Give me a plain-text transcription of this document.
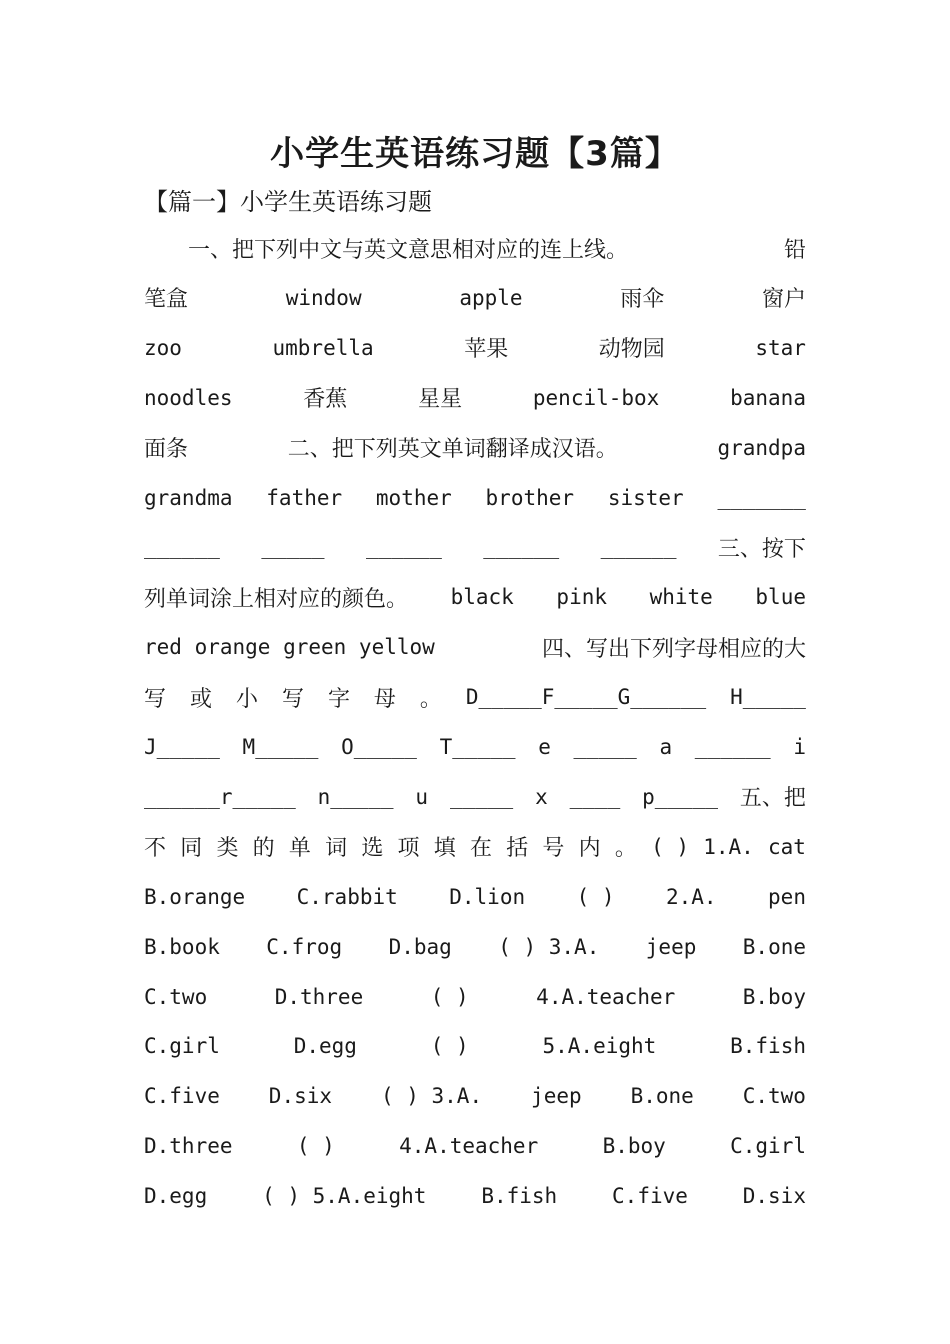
小学生英语练习题【3篇】
【篇一】小学生英语练习题
　　一、把下列中文与英文意思相对应的连上线。	铅
笔盒	window	apple	雨伞	窗户
zoo	umbrella	苹果	动物园	star
noodles	香蕉	星星	pencil-box	banana
面条	二、把下列英文单词翻译成汉语。	grandpa
grandma father mother brother sister _______
______ _____ ______ ______ ______ 三、按下
列单词涂上相对应的颜色。 black pink white blue
red orange green yellow	四、写出下列字母相应的大
写 或 小 写 字 母 。 D_____F_____G______ H_____
J_____ M_____ O_____ T_____ e _____ a ______ i
______r_____ n_____ u _____ x ____ p_____ 五、把
不 同 类 的 单 词 选 项 填 在 括 号 内 。 ( ) 1.A. cat
B.orange C.rabbit D.lion ( ) 2.A. pen
B.book C.frog D.bag ( ) 3.A. jeep B.one
C.two	D.three	( )	4.A.teacher	B.boy
C.girl	D.egg	( )	5.A.eight	B.fish
C.five D.six ( ) 3.A. jeep B.one C.two
D.three	( )	4.A.teacher	B.boy	C.girl
D.egg	( ) 5.A.eight	B.fish	C.five	D.six
